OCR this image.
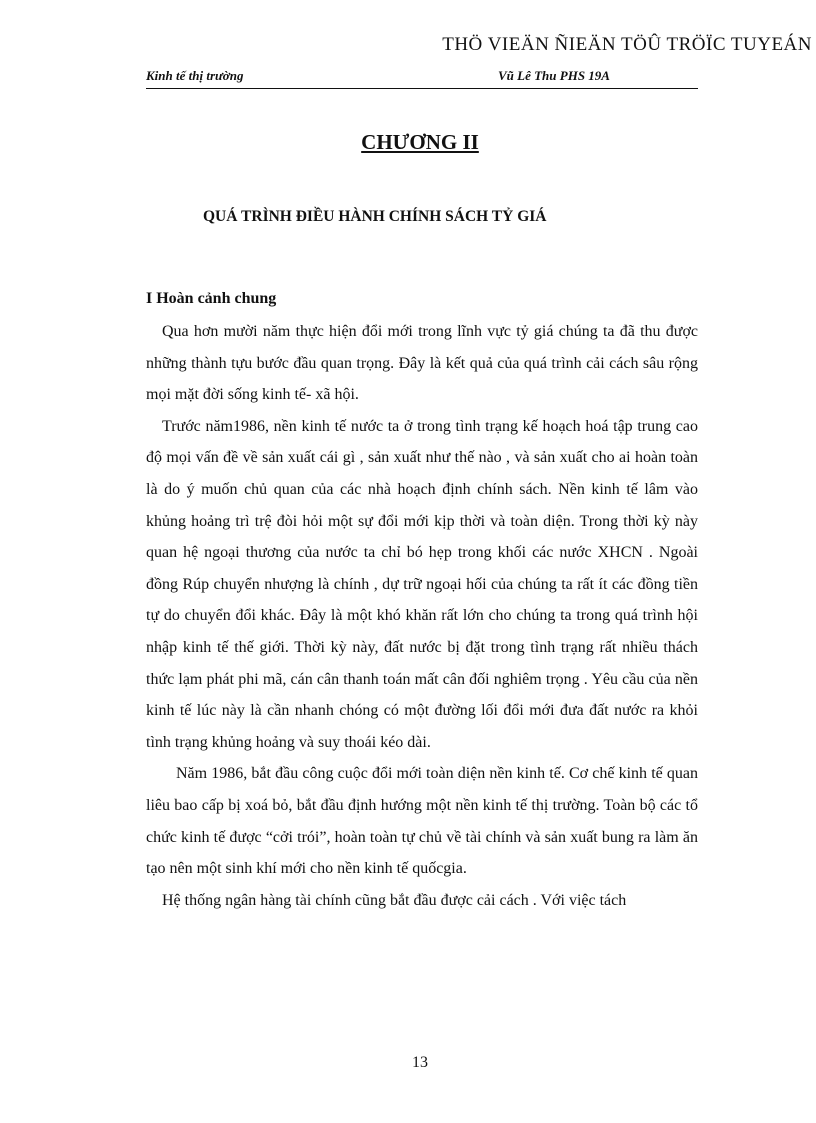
THÖ VIEÄN ÑIEÄN TÖÛ TRÖÏC TUYEÁN
Kinh tế thị trường	Vũ Lê Thu PHS 19A
CHƯƠNG II
QUÁ TRÌNH ĐIỀU HÀNH CHÍNH SÁCH TỶ GIÁ
I Hoàn cảnh chung

Qua hơn mười năm thực hiện đổi mới trong lĩnh vực tỷ giá chúng ta đã thu được những thành tựu bước đầu quan trọng. Đây là kết quả của quá trình cải cách sâu rộng mọi mặt đời sống kinh tế- xã hội.

Trước năm1986, nền kinh tế nước ta ở trong tình trạng kế hoạch hoá tập trung cao độ mọi vấn đề về sản xuất cái gì , sản xuất như thế nào , và sản xuất cho ai hoàn toàn là do ý muốn chủ quan của các nhà hoạch định chính sách. Nền kinh tế lâm vào khủng hoảng trì trệ đòi hỏi một sự đổi mới kịp thời và toàn diện. Trong thời kỳ này quan hệ ngoại thương của nước ta chỉ bó hẹp trong khối các nước XHCN . Ngoài đồng Rúp chuyển nhượng là chính , dự trữ ngoại hối của chúng ta rất ít các đồng tiền tự do chuyển đổi khác. Đây là một khó khăn rất lớn cho chúng ta trong quá trình hội nhập kinh tế thế giới. Thời kỳ này, đất nước bị đặt trong tình trạng rất nhiều thách thức lạm phát phi mã, cán cân thanh toán mất cân đối nghiêm trọng . Yêu cầu của nền kinh tế lúc này là cần nhanh chóng có một đường lối đổi mới đưa đất nước ra khỏi tình trạng khủng hoảng và suy thoái kéo dài.

Năm 1986, bắt đầu công cuộc đổi mới toàn diện nền kinh tế. Cơ chế kinh tế quan liêu bao cấp bị xoá bỏ, bắt đầu định hướng một nền kinh tế thị trường. Toàn bộ các tổ chức kinh tế được “cởi trói”, hoàn toàn tự chủ về tài chính và sản xuất bung ra làm ăn tạo nên một sinh khí mới cho nền kinh tế quốcgia.

Hệ thống ngân hàng tài chính cũng bắt đầu được cải cách . Với việc tách

13
